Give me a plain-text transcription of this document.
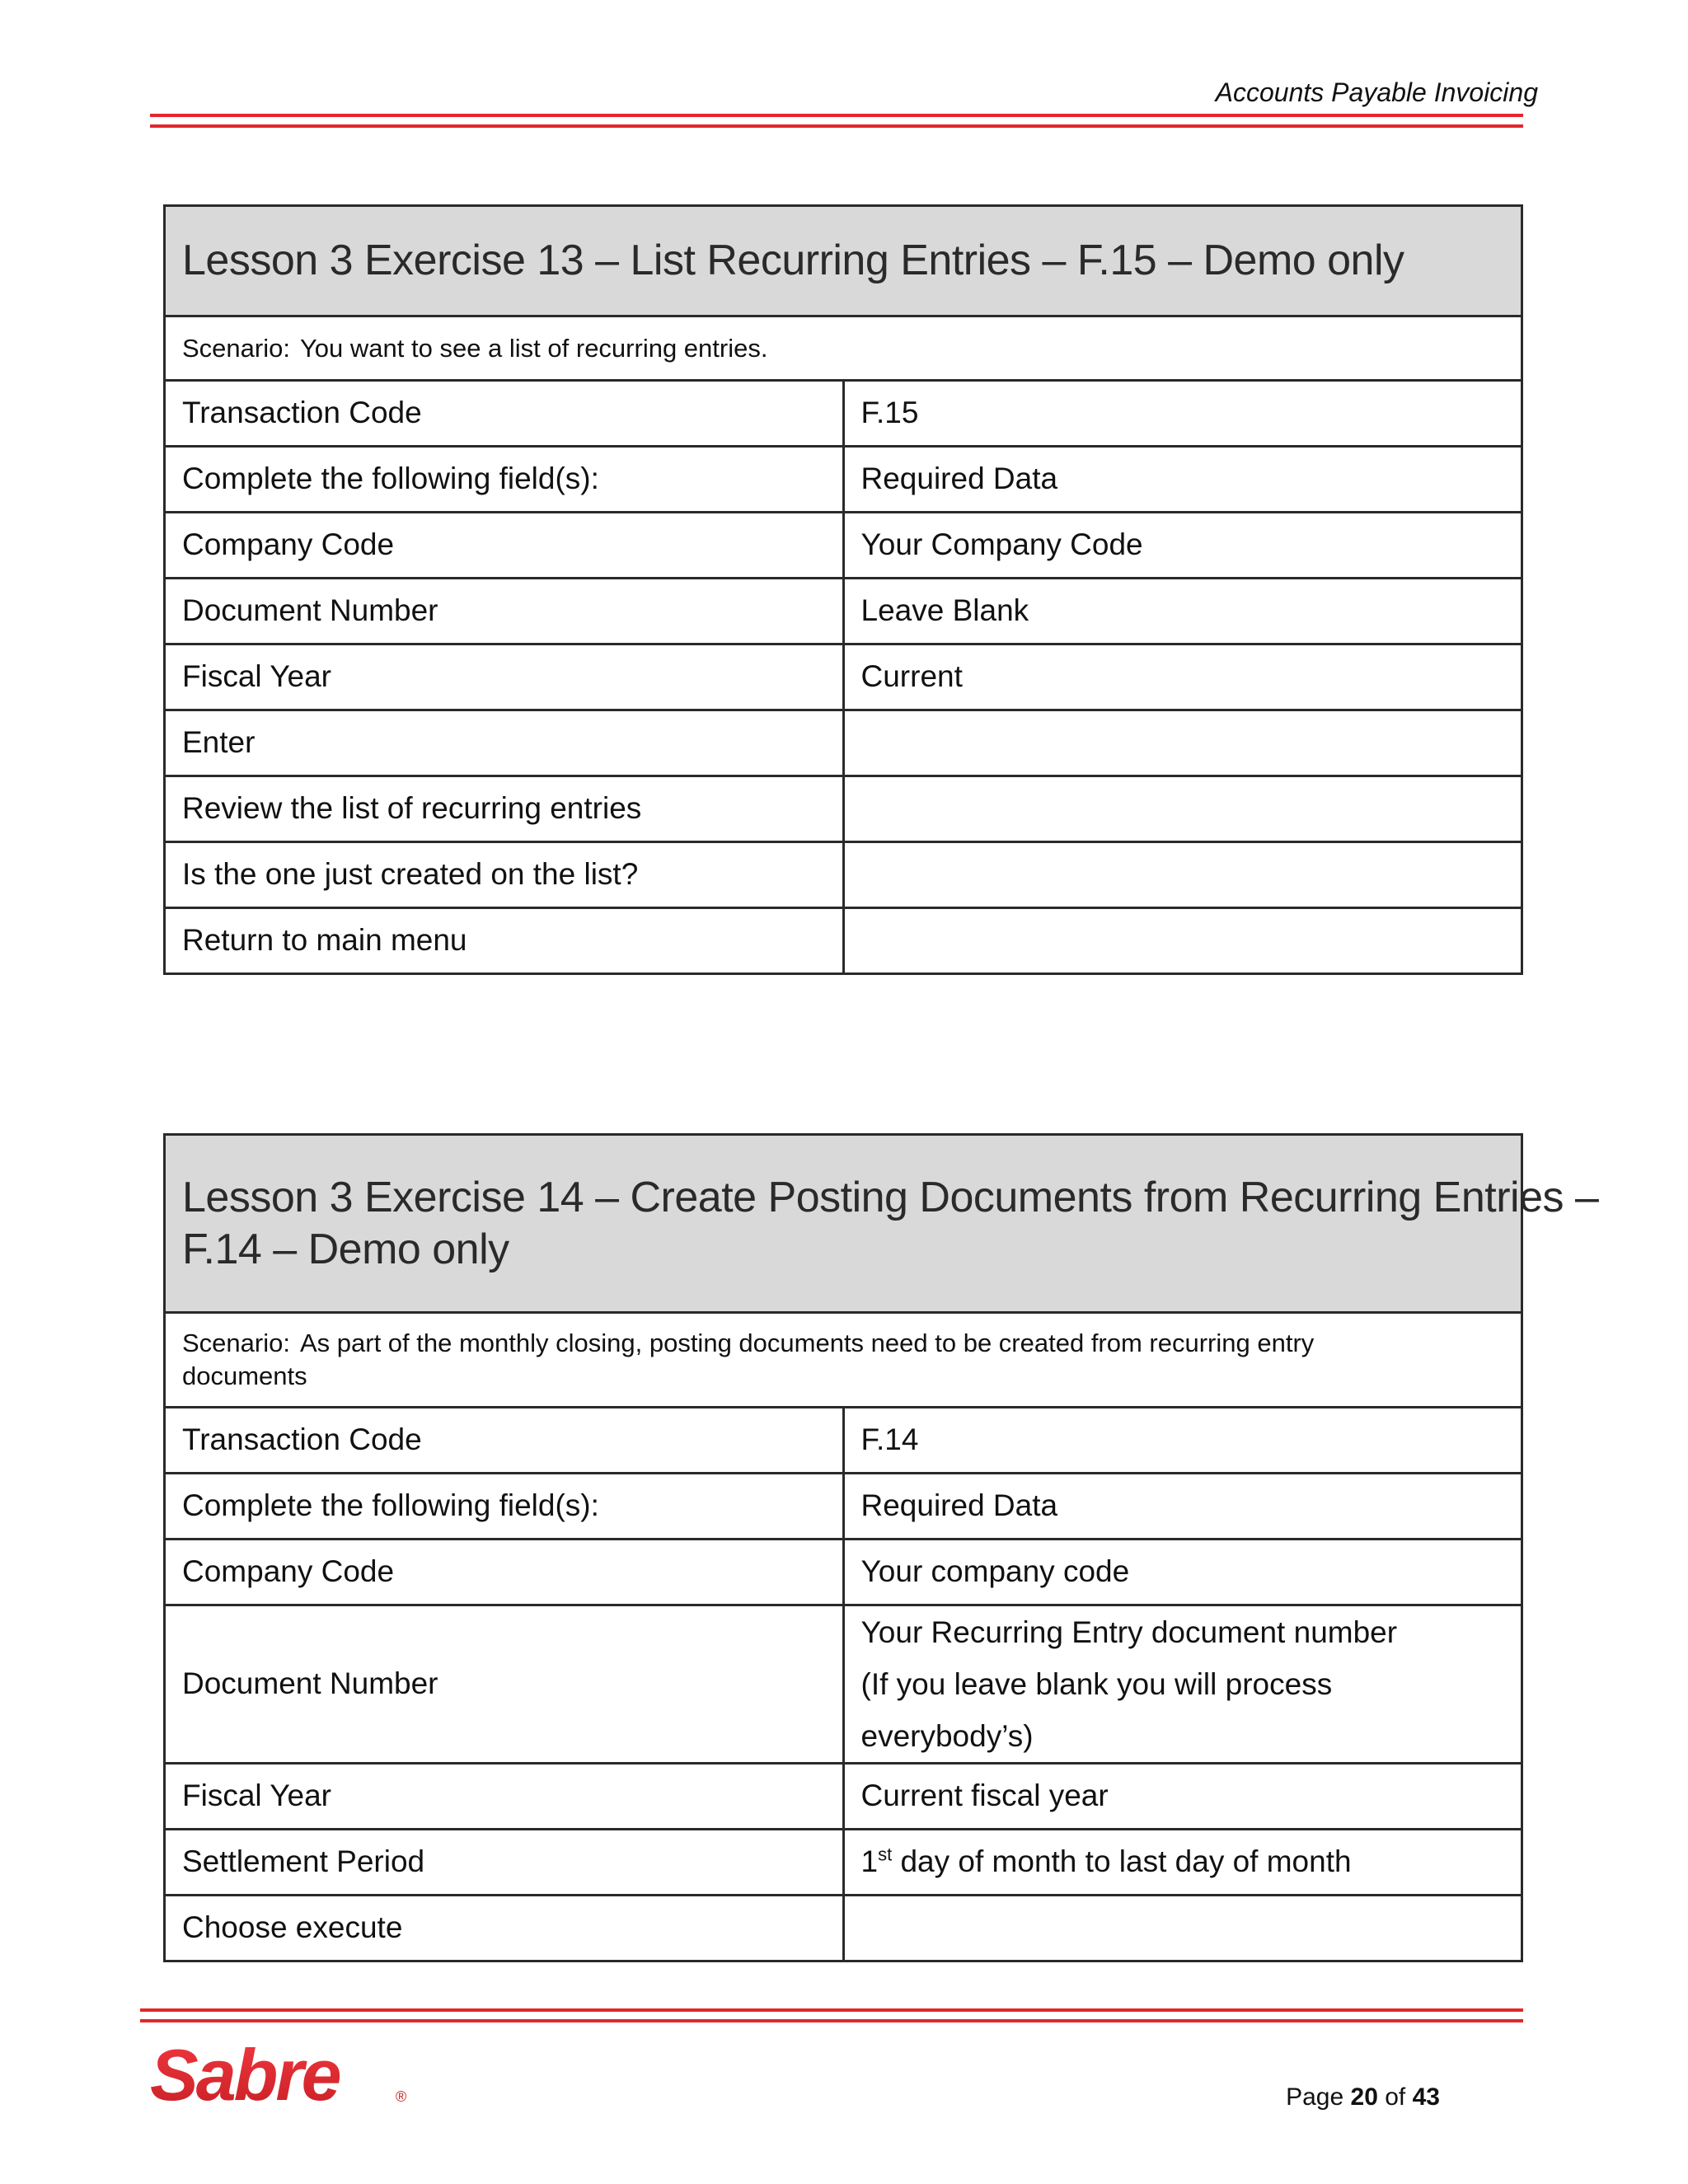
Accounts Payable Invoicing
Lesson 3 Exercise 13 – List Recurring Entries – F.15 – Demo only	
Scenario: You want to see a list of recurring entries.	
Transaction Code	F.15
Complete the following field(s):	Required Data
Company Code	Your Company Code
Document Number	Leave Blank
Fiscal Year	Current
Enter	
Review the list of recurring entries	
Is the one just created on the list?	
Return to main menu	
Lesson 3 Exercise 14 – Create Posting Documents from Recurring Entries –
F.14 – Demo only	

Scenario: As part of the monthly closing, posting documents need to be created from recurring entry
documents	

Transaction Code	F.14
Complete the following field(s):	Required Data
Company Code	Your company code
Document Number	Your Recurring Entry document number
(If you leave blank you will process everybody’s)

Fiscal Year	Current fiscal year
Settlement Period	1st day of month to last day of month
Choose execute	
Sabre	®	Page 20 of 43
